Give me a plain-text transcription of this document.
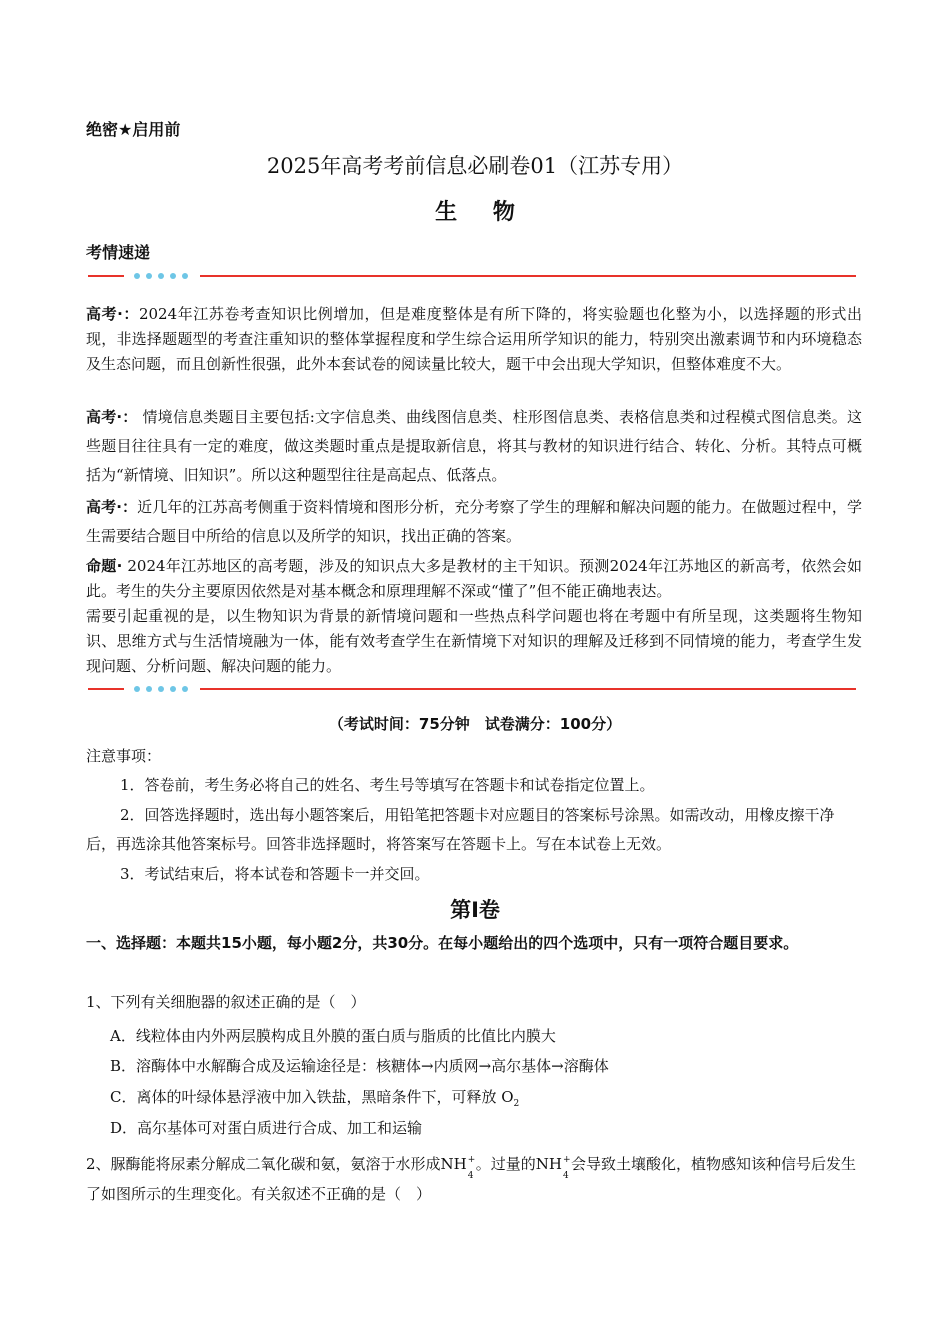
绝密★启用前
2025年高考考前信息必刷卷01（江苏专用）
生 物
考情速递
高考·：2024年江苏卷考查知识比例增加，但是难度整体是有所下降的，将实验题也化整为小，以选择题的形式出现，非选择题题型的考查注重知识的整体掌握程度和学生综合运用所学知识的能力，特别突出激素调节和内环境稳态及生态问题，而且创新性很强，此外本套试卷的阅读量比较大，题干中会出现大学知识，但整体难度不大。
高考·： 情境信息类题目主要包括:文字信息类、曲线图信息类、柱形图信息类、表格信息类和过程模式图信息类。这些题目往往具有一定的难度，做这类题时重点是提取新信息，将其与教材的知识进行结合、转化、分析。其特点可概括为“新情境、旧知识”。所以这种题型往往是高起点、低落点。
高考·：近几年的江苏高考侧重于资料情境和图形分析，充分考察了学生的理解和解决问题的能力。在做题过程中，学生需要结合题目中所给的信息以及所学的知识，找出正确的答案。
命题· 2024年江苏地区的高考题，涉及的知识点大多是教材的主干知识。预测2024年江苏地区的新高考，依然会如此。考生的失分主要原因依然是对基本概念和原理理解不深或“懂了”但不能正确地表达。
需要引起重视的是，以生物知识为背景的新情境问题和一些热点科学问题也将在考题中有所呈现，这类题将生物知识、思维方式与生活情境融为一体，能有效考查学生在新情境下对知识的理解及迁移到不同情境的能力，考查学生发现问题、分析问题、解决问题的能力。
（考试时间：75分钟　试卷满分：100分）
注意事项：
1．答卷前，考生务必将自己的姓名、考生号等填写在答题卡和试卷指定位置上。
2．回答选择题时，选出每小题答案后，用铅笔把答题卡对应题目的答案标号涂黑。如需改动，用橡皮擦干净后，再选涂其他答案标号。回答非选择题时，将答案写在答题卡上。写在本试卷上无效。
3．考试结束后，将本试卷和答题卡一并交回。
第Ⅰ卷
一、选择题：本题共15小题，每小题2分，共30分。在每小题给出的四个选项中，只有一项符合题目要求。
1、下列有关细胞器的叙述正确的是（　）
A．线粒体由内外两层膜构成且外膜的蛋白质与脂质的比值比内膜大
B．溶酶体中水解酶合成及运输途径是：核糖体→内质网→高尔基体→溶酶体
C．离体的叶绿体悬浮液中加入铁盐，黑暗条件下，可释放 $O_2$
D．高尔基体可对蛋白质进行合成、加工和运输
2、脲酶能将尿素分解成二氧化碳和氨，氨溶于水形成NH +
4
。过量的NH +
4
会导致土壤酸化，植物感知该种信号后发生了如图所示的生理变化。有关叙述不正确的是（　）
